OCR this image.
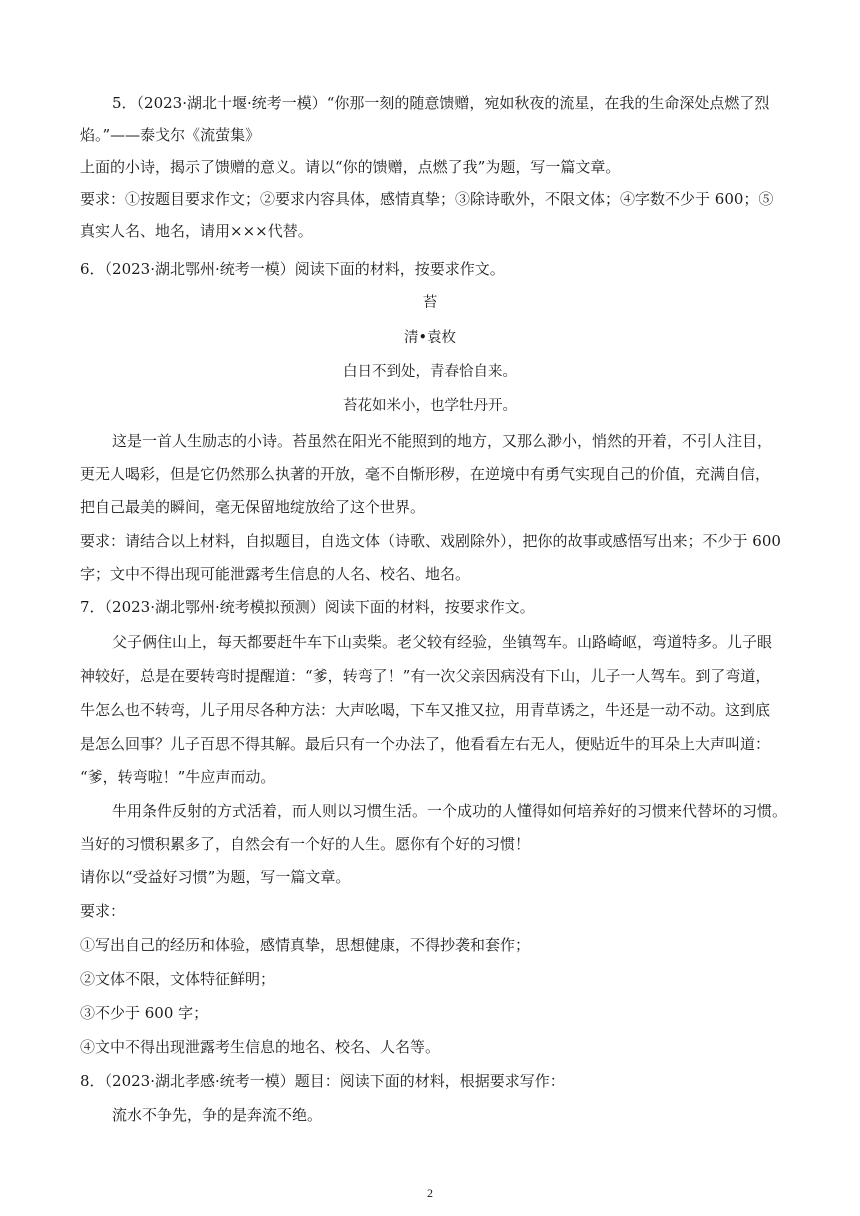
5．（2023·湖北十堰·统考一模）“你那一刻的随意馈赠，宛如秋夜的流星，在我的生命深处点燃了烈
焰。”——泰戈尔《流萤集》
上面的小诗，揭示了馈赠的意义。请以“你的馈赠，点燃了我”为题，写一篇文章。
要求：①按题目要求作文；②要求内容具体，感情真挚；③除诗歌外，不限文体；④字数不少于 600；⑤
真实人名、地名，请用×××代替。
6．（2023·湖北鄂州·统考一模）阅读下面的材料，按要求作文。
苔
清•袁枚
白日不到处，青春恰自来。
苔花如米小，也学牡丹开。
这是一首人生励志的小诗。苔虽然在阳光不能照到的地方，又那么渺小，悄然的开着，不引人注目，
更无人喝彩，但是它仍然那么执著的开放，毫不自惭形秽，在逆境中有勇气实现自己的价值，充满自信，
把自己最美的瞬间，毫无保留地绽放给了这个世界。
要求：请结合以上材料，自拟题目，自选文体（诗歌、戏剧除外），把你的故事或感悟写出来；不少于 600
字；文中不得出现可能泄露考生信息的人名、校名、地名。
7．（2023·湖北鄂州·统考模拟预测）阅读下面的材料，按要求作文。
父子俩住山上，每天都要赶牛车下山卖柴。老父较有经验，坐镇驾车。山路崎岖，弯道特多。儿子眼
神较好，总是在要转弯时提醒道：“爹，转弯了！”有一次父亲因病没有下山，儿子一人驾车。到了弯道，
牛怎么也不转弯，儿子用尽各种方法：大声吆喝，下车又推又拉，用青草诱之，牛还是一动不动。这到底
是怎么回事？儿子百思不得其解。最后只有一个办法了，他看看左右无人，便贴近牛的耳朵上大声叫道：
“爹，转弯啦！”牛应声而动。
牛用条件反射的方式活着，而人则以习惯生活。一个成功的人懂得如何培养好的习惯来代替坏的习惯。
当好的习惯积累多了，自然会有一个好的人生。愿你有个好的习惯！
请你以“受益好习惯”为题，写一篇文章。
要求：
①写出自己的经历和体验，感情真挚，思想健康，不得抄袭和套作；
②文体不限，文体特征鲜明；
③不少于 600 字；
④文中不得出现泄露考生信息的地名、校名、人名等。
8．（2023·湖北孝感·统考一模）题目：阅读下面的材料，根据要求写作：
流水不争先，争的是奔流不绝。
2
